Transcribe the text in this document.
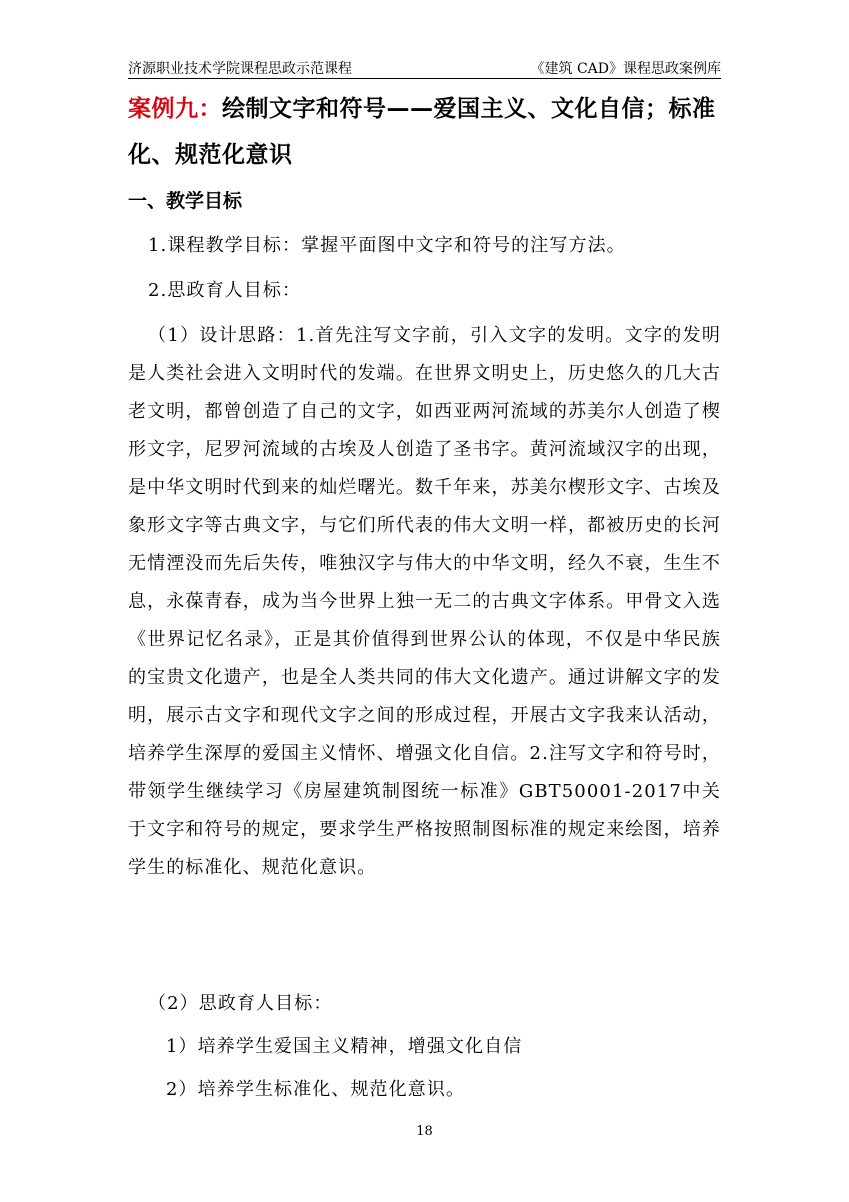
济源职业技术学院课程思政示范课程	《建筑 CAD》课程思政案例库
案例九：绘制文字和符号——爱国主义、文化自信；标准化、规范化意识
一、教学目标
1.课程教学目标：掌握平面图中文字和符号的注写方法。
2.思政育人目标：
（1）设计思路：1.首先注写文字前，引入文字的发明。文字的发明是人类社会进入文明时代的发端。在世界文明史上，历史悠久的几大古老文明，都曾创造了自己的文字，如西亚两河流域的苏美尔人创造了楔形文字，尼罗河流域的古埃及人创造了圣书字。黄河流域汉字的出现，是中华文明时代到来的灿烂曙光。数千年来，苏美尔楔形文字、古埃及象形文字等古典文字，与它们所代表的伟大文明一样，都被历史的长河无情湮没而先后失传，唯独汉字与伟大的中华文明，经久不衰，生生不息，永葆青春，成为当今世界上独一无二的古典文字体系。甲骨文入选《世界记忆名录》，正是其价值得到世界公认的体现，不仅是中华民族的宝贵文化遗产，也是全人类共同的伟大文化遗产。通过讲解文字的发明，展示古文字和现代文字之间的形成过程，开展古文字我来认活动，培养学生深厚的爱国主义情怀、增强文化自信。2.注写文字和符号时，带领学生继续学习《房屋建筑制图统一标准》GBT50001-2017中关于文字和符号的规定，要求学生严格按照制图标准的规定来绘图，培养学生的标准化、规范化意识。
（2）思政育人目标：
1）培养学生爱国主义精神，增强文化自信
2）培养学生标准化、规范化意识。
18
